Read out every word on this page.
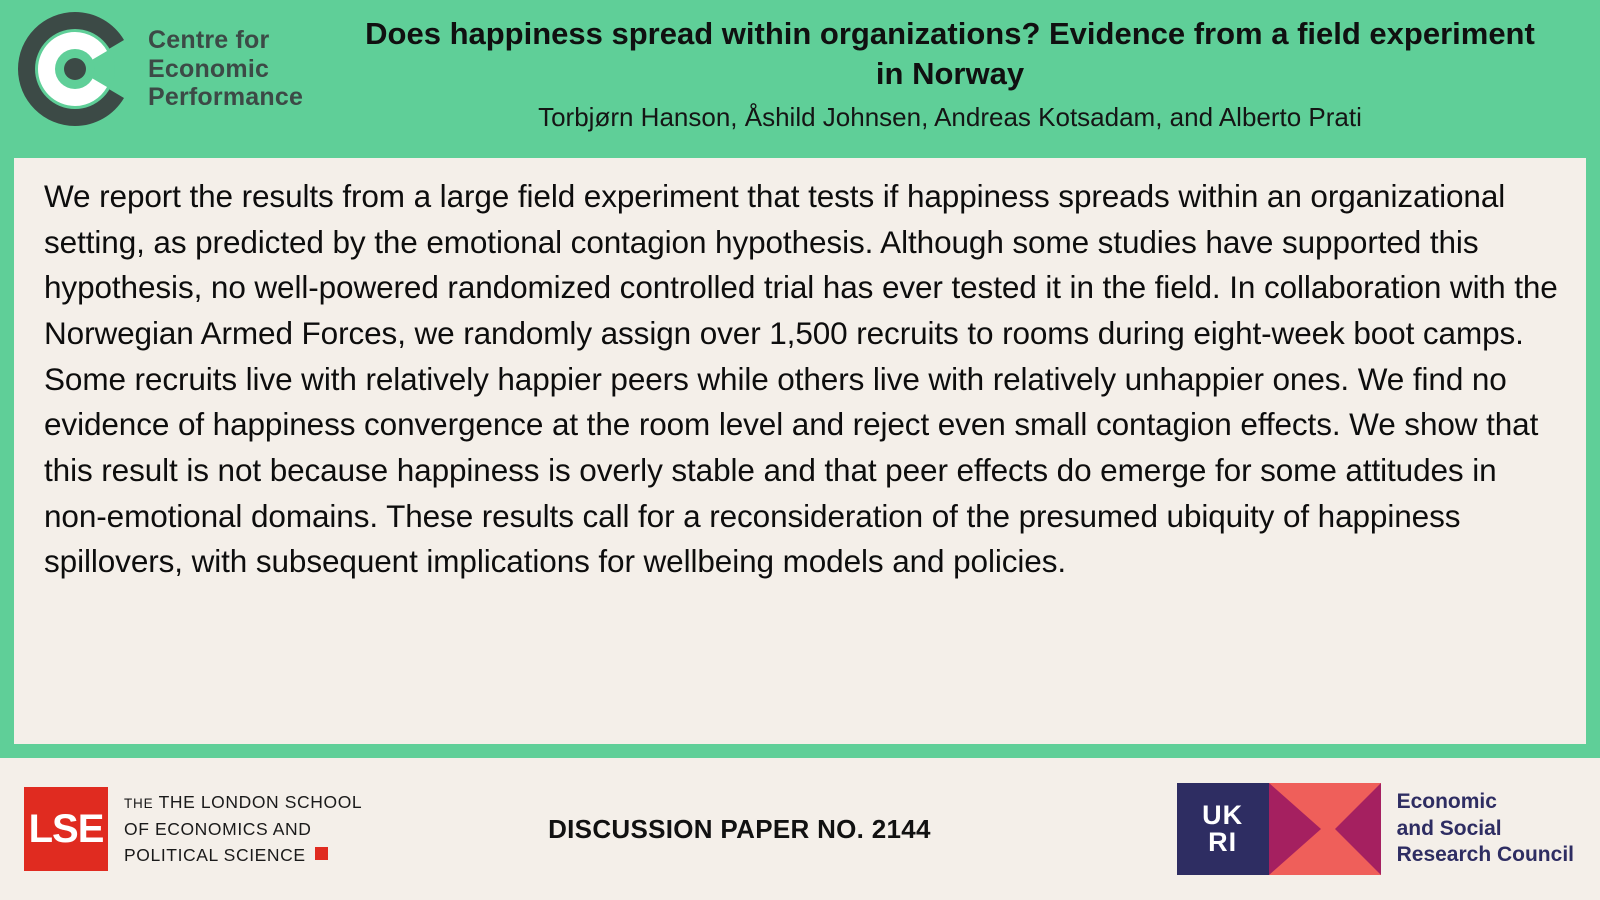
Centre for
Economic
Performance
Does happiness spread within organizations? Evidence from a field experiment in Norway
Torbjørn Hanson, Åshild Johnsen, Andreas Kotsadam, and Alberto Prati
We report the results from a large field experiment that tests if happiness spreads within an organizational setting, as predicted by the emotional contagion hypothesis. Although some studies have supported this hypothesis, no well-powered randomized controlled trial has ever tested it in the field. In collaboration with the Norwegian Armed Forces, we randomly assign over 1,500 recruits to rooms during eight-week boot camps. Some recruits live with relatively happier peers while others live with relatively unhappier ones. We find no evidence of happiness convergence at the room level and reject even small contagion effects. We show that this result is not because happiness is overly stable and that peer effects do emerge for some attitudes in non-emotional domains. These results call for a reconsideration of the presumed ubiquity of happiness spillovers, with subsequent implications for wellbeing models and policies.
LSE
THE THE LONDON SCHOOL
OF ECONOMICS AND
POLITICAL SCIENCE
DISCUSSION PAPER NO. 2144	UK
RI
Economic
and Social
Research Council
